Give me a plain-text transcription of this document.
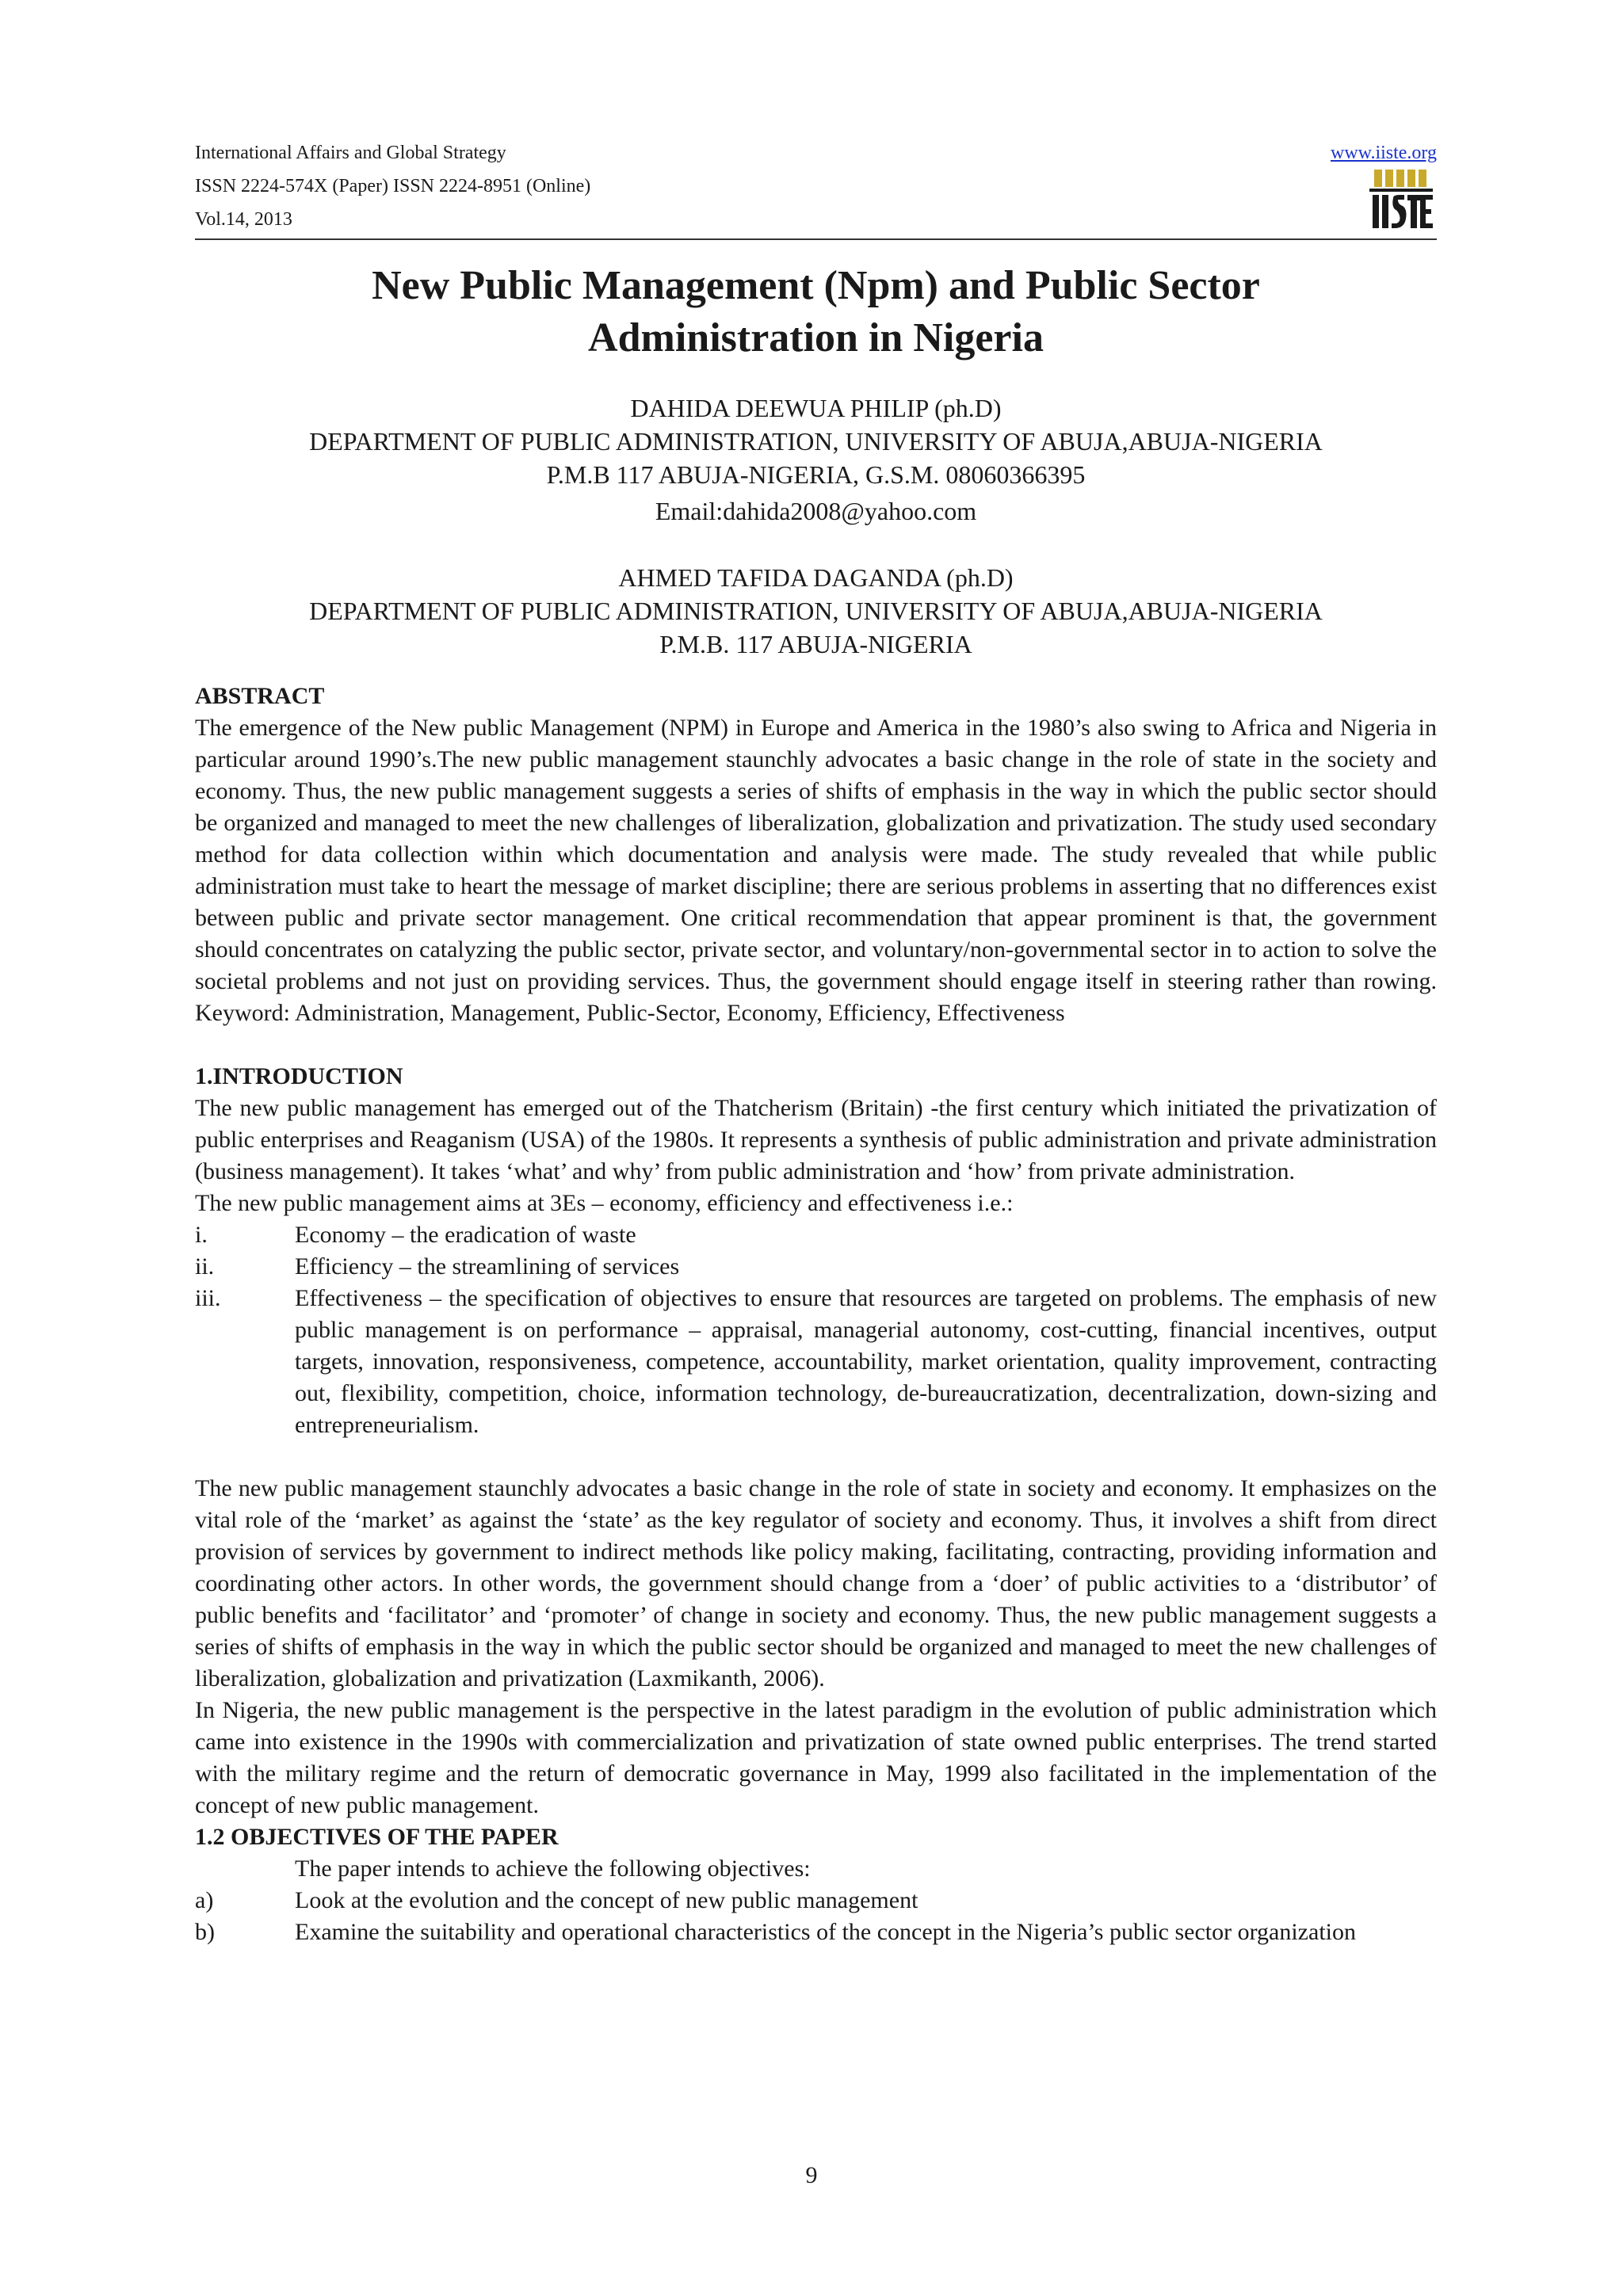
International Affairs and Global Strategy
ISSN 2224-574X (Paper) ISSN 2224-8951 (Online)
Vol.14, 2013
www.iiste.org
New Public Management (Npm) and Public Sector
Administration in Nigeria
DAHIDA DEEWUA PHILIP (ph.D)
DEPARTMENT OF PUBLIC ADMINISTRATION, UNIVERSITY OF ABUJA,ABUJA-NIGERIA
P.M.B 117 ABUJA-NIGERIA, G.S.M. 08060366395
Email:dahida2008@yahoo.com
AHMED TAFIDA DAGANDA (ph.D)
DEPARTMENT OF PUBLIC ADMINISTRATION, UNIVERSITY OF ABUJA,ABUJA-NIGERIA
P.M.B. 117 ABUJA-NIGERIA
ABSTRACT

The emergence of the New public Management (NPM) in Europe and America in the 1980’s also swing to Africa and Nigeria in particular around 1990’s.The new public management staunchly advocates a basic change in the role of state in the society and economy. Thus, the new public management suggests a series of shifts of emphasis in the way in which the public sector should be organized and managed to meet the new challenges of liberalization, globalization and privatization. The study used secondary method for data collection within which documentation and analysis were made. The study revealed that while public administration must take to heart the message of market discipline; there are serious problems in asserting that no differences exist between public and private sector management. One critical recommendation that appear prominent is that, the government should concentrates on catalyzing the public sector, private sector, and voluntary/non-governmental sector in to action to solve the societal problems and not just on providing services. Thus, the government should engage itself in steering rather than rowing. Keyword: Administration, Management, Public-Sector, Economy, Efficiency, Effectiveness

1.INTRODUCTION

The new public management has emerged out of the Thatcherism (Britain) -the first century which initiated the privatization of public enterprises and Reaganism (USA) of the 1980s. It represents a synthesis of public administration and private administration (business management). It takes ‘what’ and why’ from public administration and ‘how’ from private administration.

The new public management aims at 3Es – economy, efficiency and effectiveness i.e.:

i.	Economy – the eradication of waste
ii.	Efficiency – the streamlining of services
iii.	Effectiveness – the specification of objectives to ensure that resources are targeted on problems. The emphasis of new public management is on performance – appraisal, managerial autonomy, cost-cutting, financial incentives, output targets, innovation, responsiveness, competence, accountability, market orientation, quality improvement, contracting out, flexibility, competition, choice, information technology, de-bureaucratization, decentralization, down-sizing and entrepreneurialism.

The new public management staunchly advocates a basic change in the role of state in society and economy. It emphasizes on the vital role of the ‘market’ as against the ‘state’ as the key regulator of society and economy. Thus, it involves a shift from direct provision of services by government to indirect methods like policy making, facilitating, contracting, providing information and coordinating other actors. In other words, the government should change from a ‘doer’ of public activities to a ‘distributor’ of public benefits and ‘facilitator’ and ‘promoter’ of change in society and economy. Thus, the new public management suggests a series of shifts of emphasis in the way in which the public sector should be organized and managed to meet the new challenges of liberalization, globalization and privatization (Laxmikanth, 2006).

In Nigeria, the new public management is the perspective in the latest paradigm in the evolution of public administration which came into existence in the 1990s with commercialization and privatization of state owned public enterprises. The trend started with the military regime and the return of democratic governance in May, 1999 also facilitated in the implementation of the concept of new public management.

1.2 OBJECTIVES OF THE PAPER

The paper intends to achieve the following objectives:

a)	Look at the evolution and the concept of new public management
b)	Examine the suitability and operational characteristics of the concept in the Nigeria’s public sector organization
9
